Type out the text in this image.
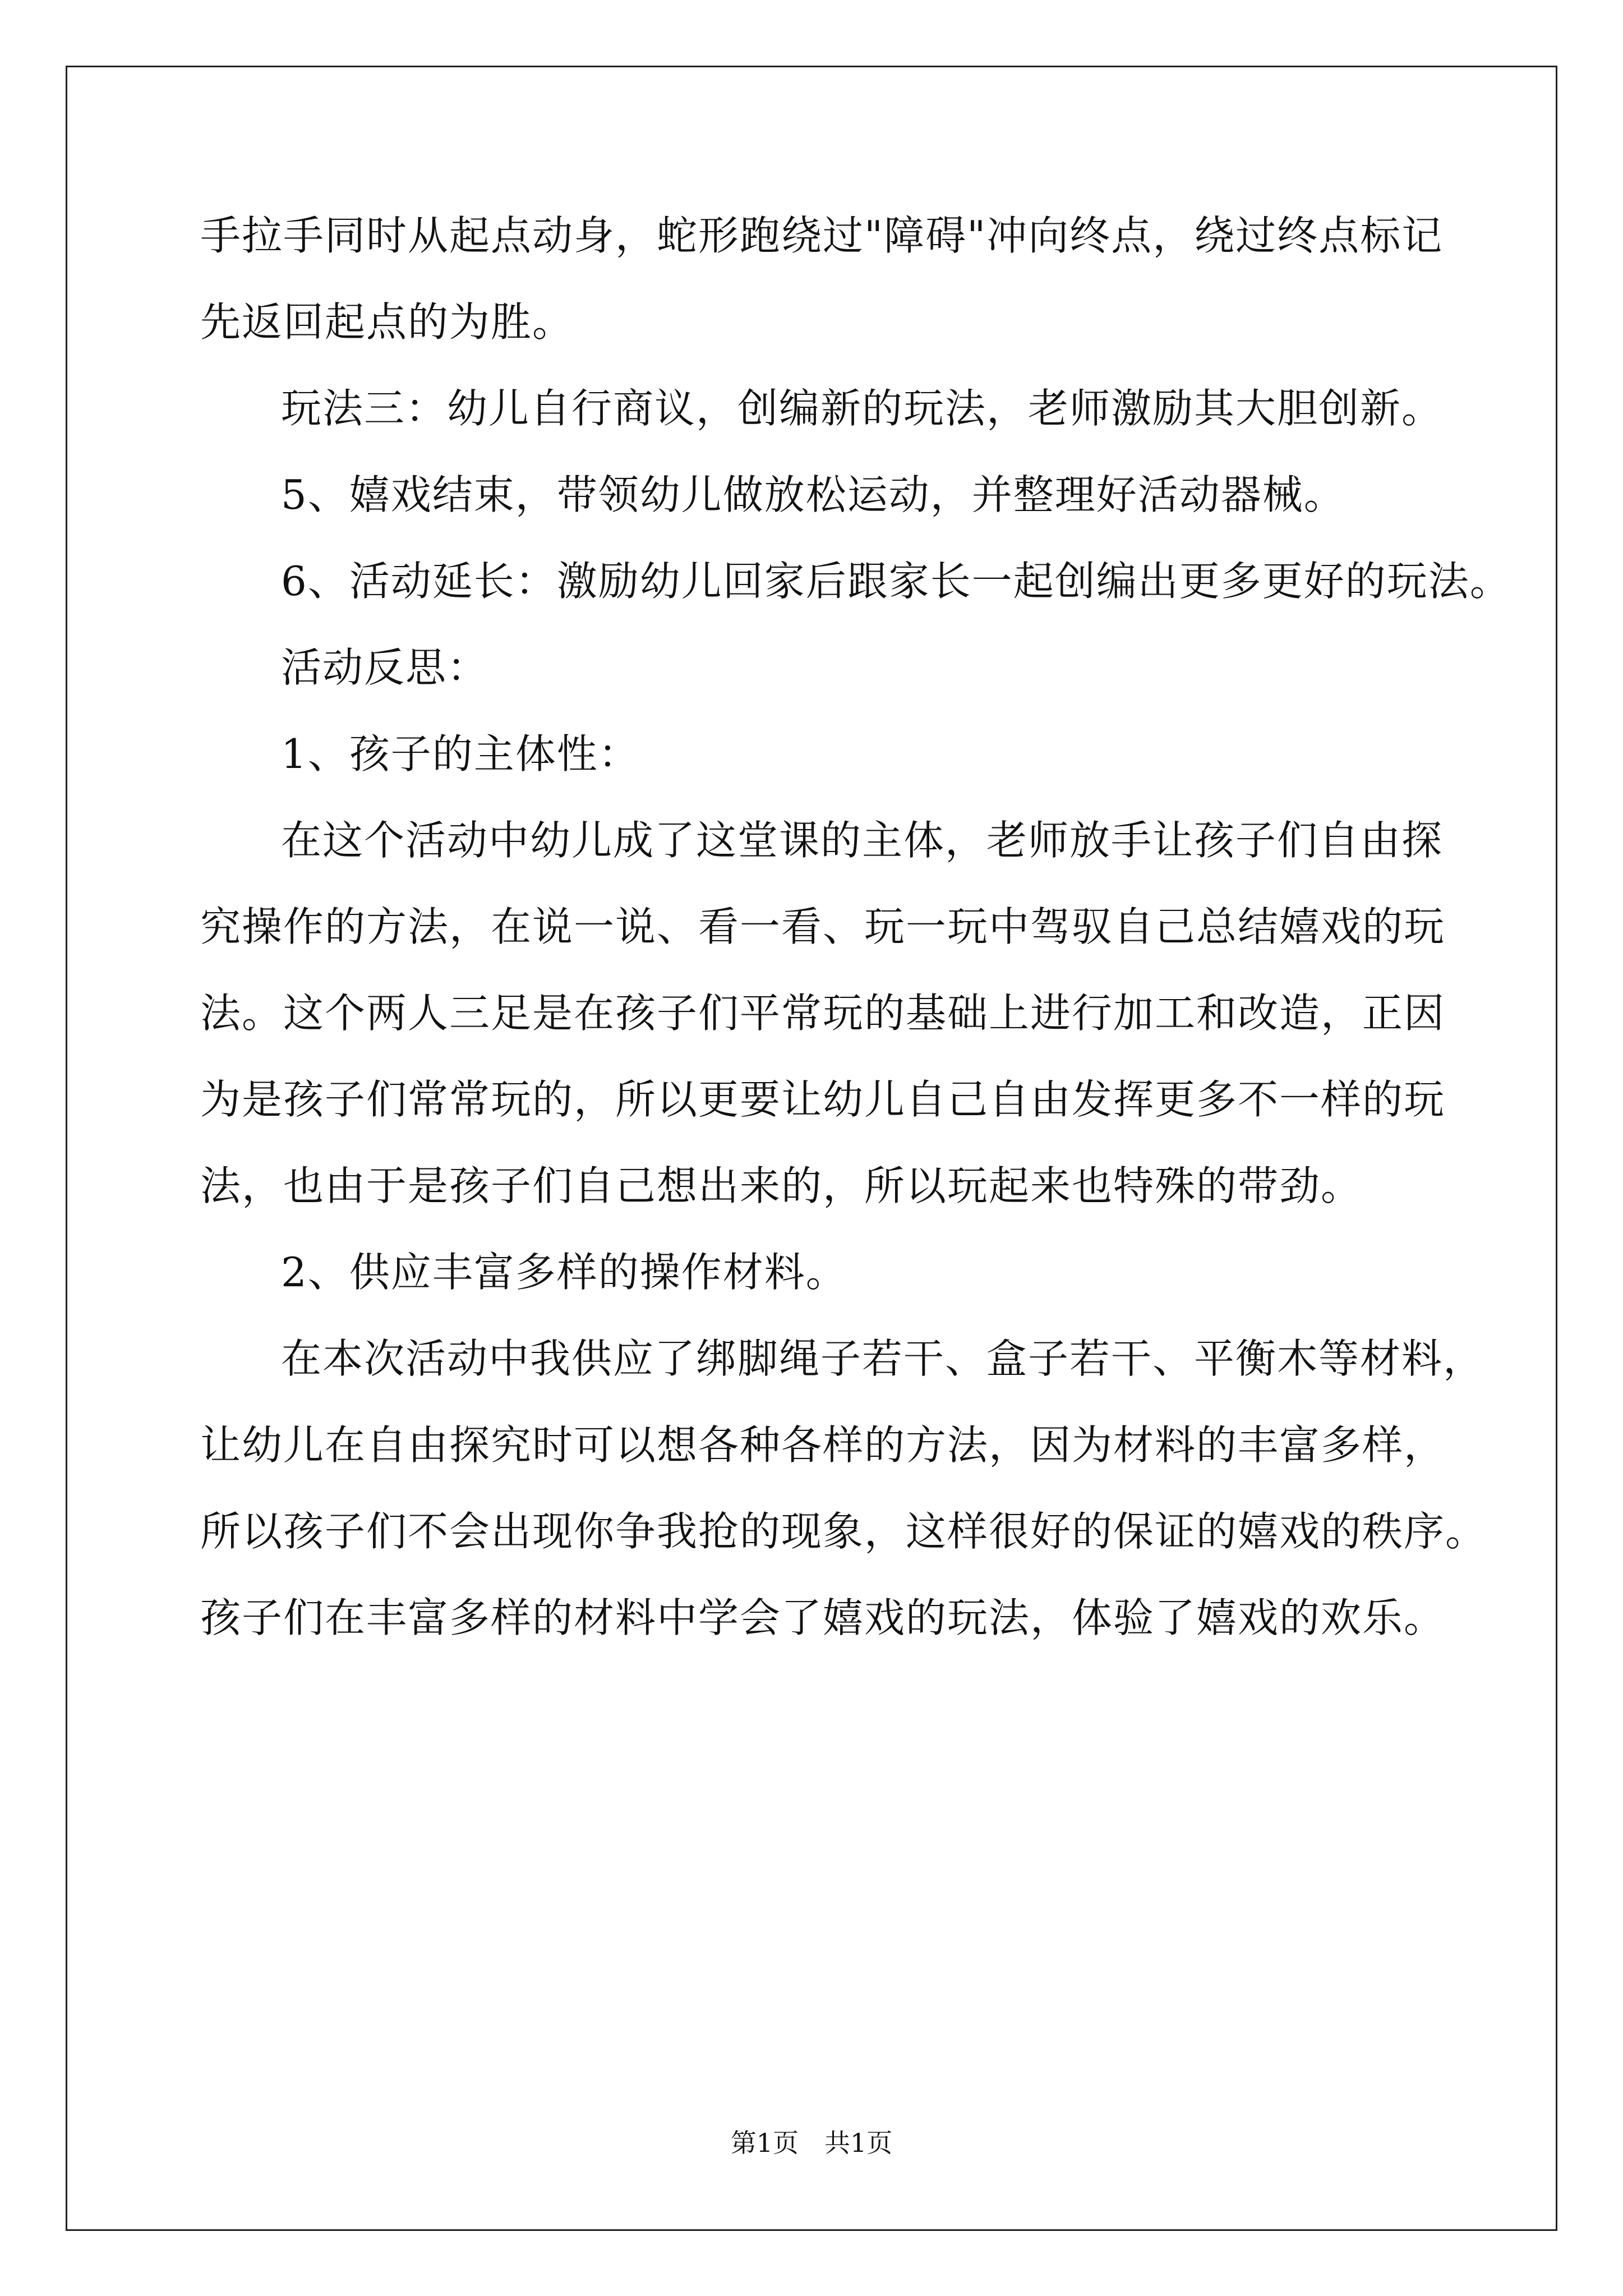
手拉手同时从起点动身，蛇形跑绕过"障碍"冲向终点，绕过终点标记
先返回起点的为胜。
玩法三：幼儿自行商议，创编新的玩法，老师激励其大胆创新。
5、嬉戏结束，带领幼儿做放松运动，并整理好活动器械。
6、活动延长：激励幼儿回家后跟家长一起创编出更多更好的玩法。
活动反思：
1、孩子的主体性：
在这个活动中幼儿成了这堂课的主体，老师放手让孩子们自由探
究操作的方法，在说一说、看一看、玩一玩中驾驭自己总结嬉戏的玩
法。这个两人三足是在孩子们平常玩的基础上进行加工和改造，正因
为是孩子们常常玩的，所以更要让幼儿自己自由发挥更多不一样的玩
法，也由于是孩子们自己想出来的，所以玩起来也特殊的带劲。
2、供应丰富多样的操作材料。
在本次活动中我供应了绑脚绳子若干、盒子若干、平衡木等材料，
让幼儿在自由探究时可以想各种各样的方法，因为材料的丰富多样，
所以孩子们不会出现你争我抢的现象，这样很好的保证的嬉戏的秩序。
孩子们在丰富多样的材料中学会了嬉戏的玩法，体验了嬉戏的欢乐。
第1页　共1页
